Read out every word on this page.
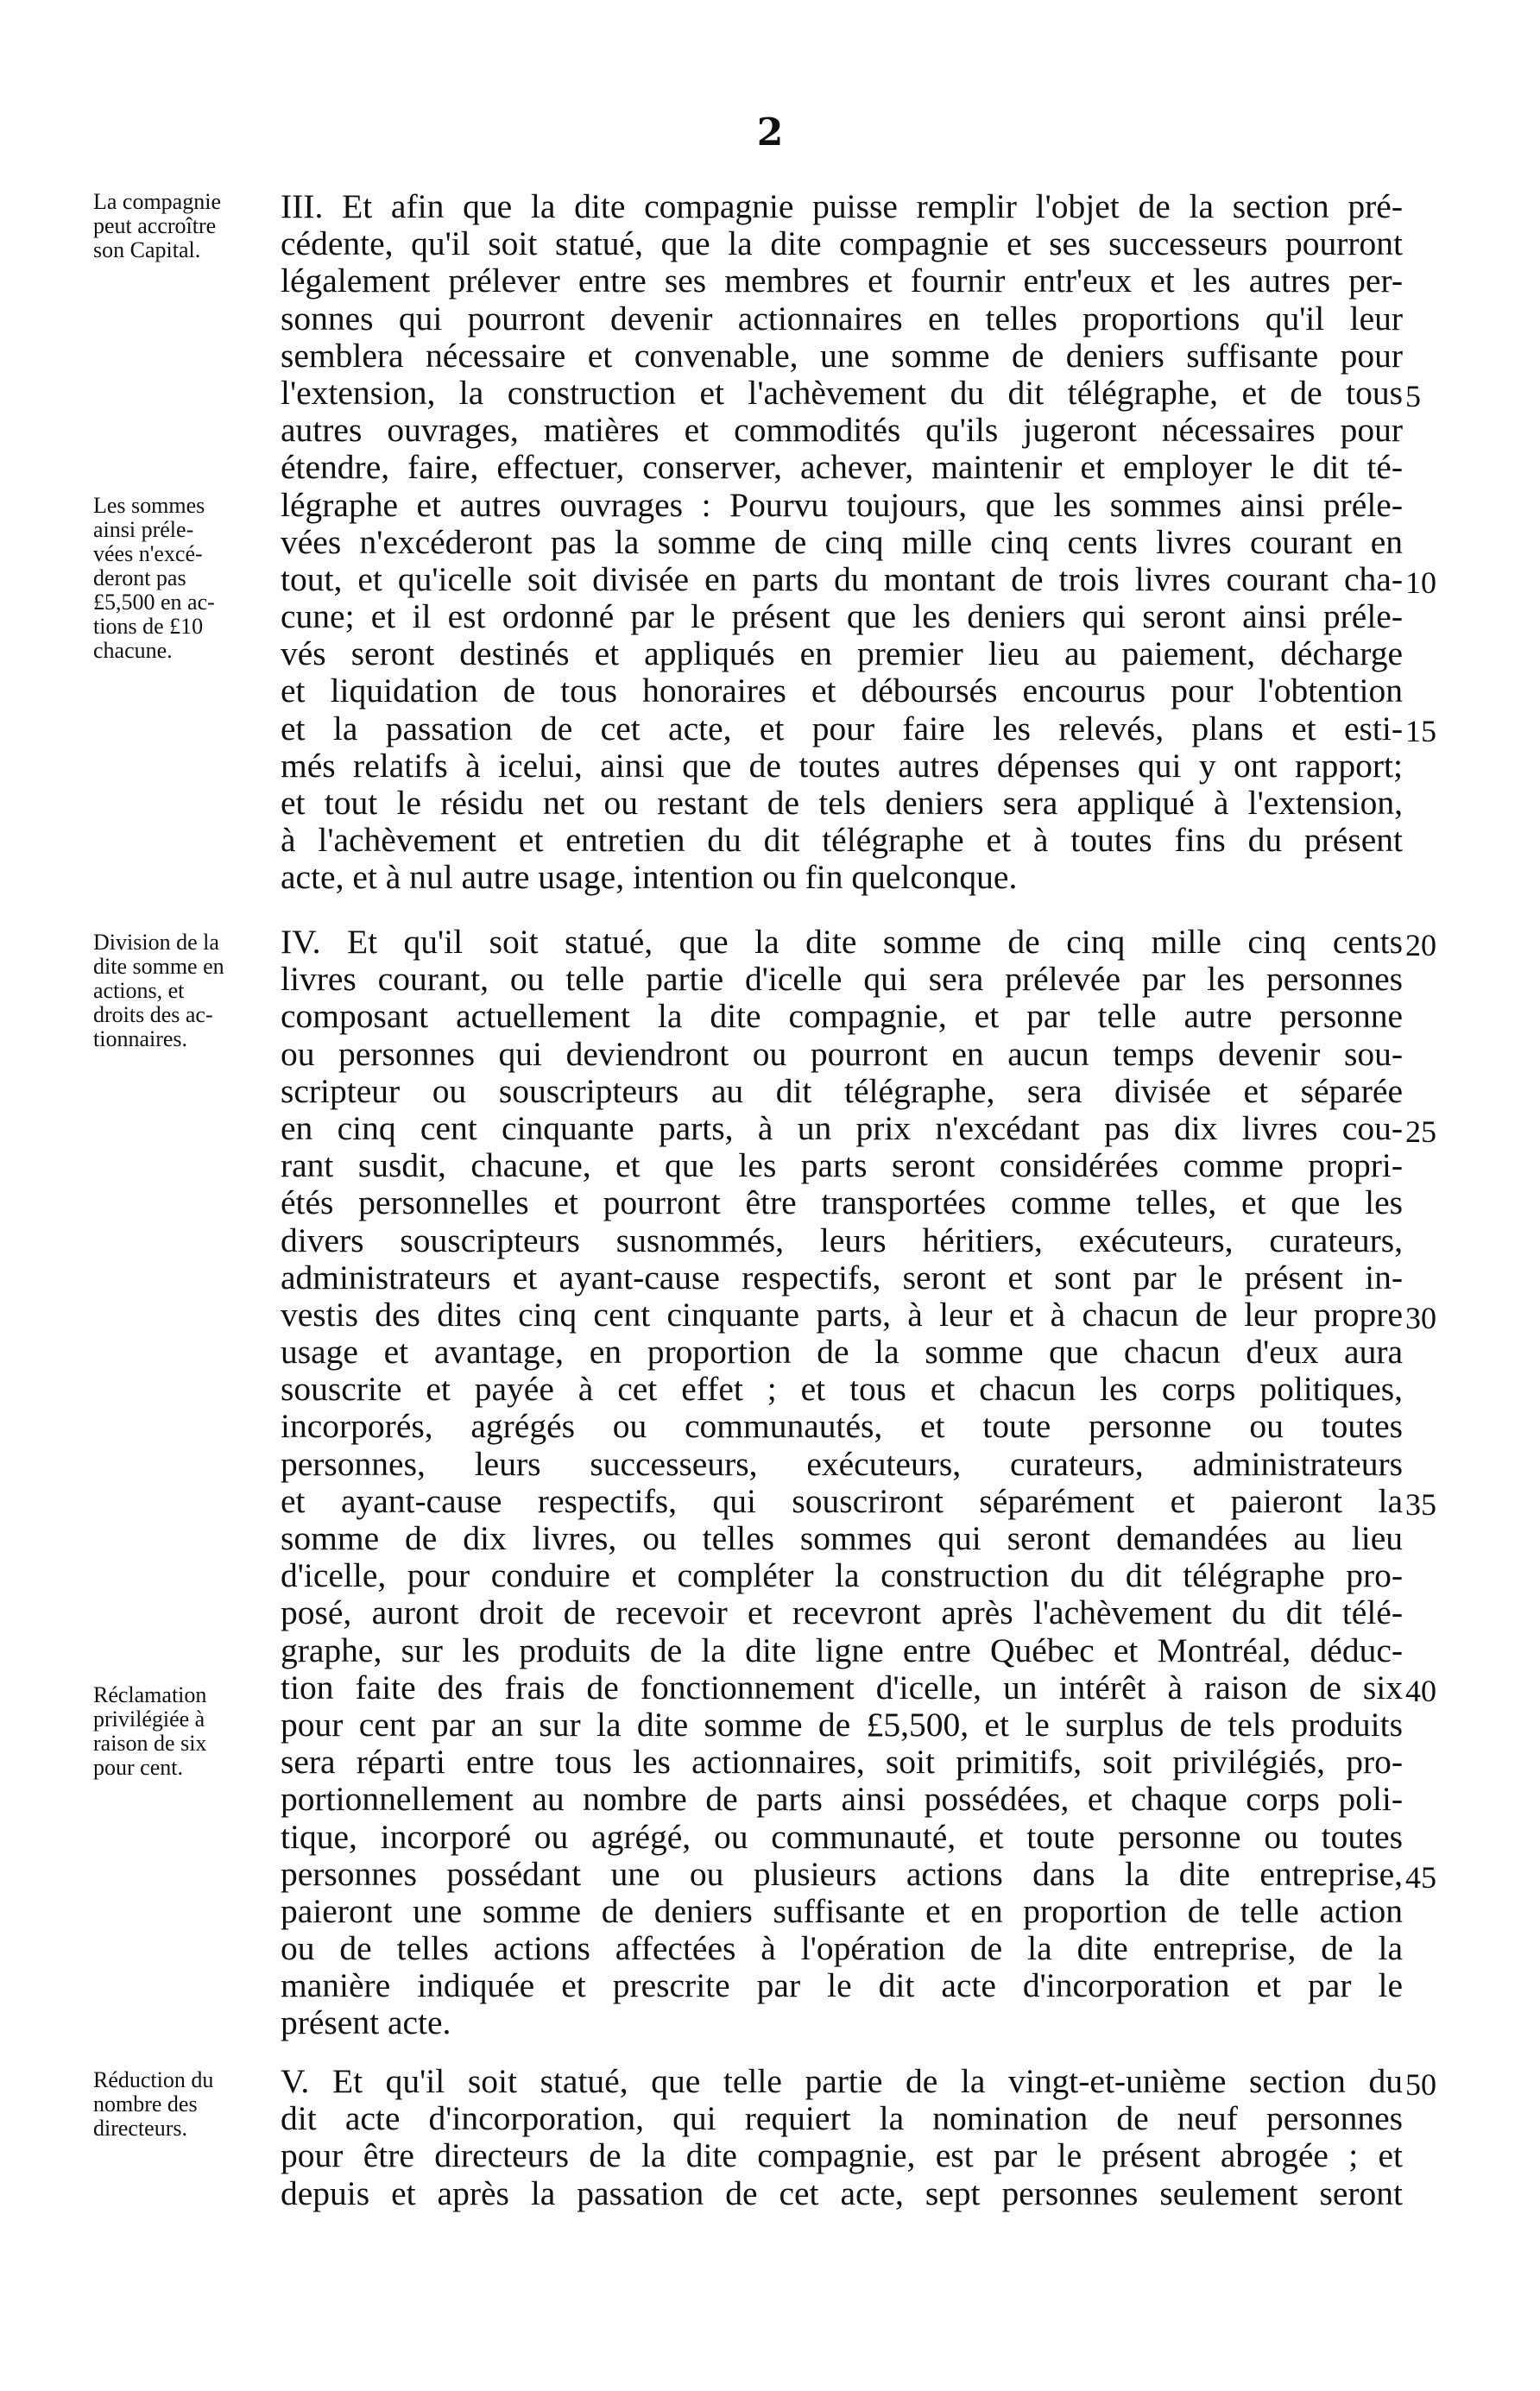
2
La compagnie
peut accroître
son Capital.
Les sommes
ainsi préle-
vées n'excé-
deront pas
£5,500 en ac-
tions de £10
chacune.
III. Et afin que la dite compagnie puisse remplir l'objet de la section pré-
cédente, qu'il soit statué, que la dite compagnie et ses successeurs pourront
légalement prélever entre ses membres et fournir entr'eux et les autres per-
sonnes qui pourront devenir actionnaires en telles proportions qu'il leur
semblera nécessaire et convenable, une somme de deniers suffisante pour
l'extension, la construction et l'achèvement du dit télégraphe, et de tous
autres ouvrages, matières et commodités qu'ils jugeront nécessaires pour
étendre, faire, effectuer, conserver, achever, maintenir et employer le dit té-
légraphe et autres ouvrages : Pourvu toujours, que les sommes ainsi préle-
vées n'excéderont pas la somme de cinq mille cinq cents livres courant en
tout, et qu'icelle soit divisée en parts du montant de trois livres courant cha-
cune; et il est ordonné par le présent que les deniers qui seront ainsi préle-
vés seront destinés et appliqués en premier lieu au paiement, décharge
et liquidation de tous honoraires et déboursés encourus pour l'obtention
et la passation de cet acte, et pour faire les relevés, plans et esti-
més relatifs à icelui, ainsi que de toutes autres dépenses qui y ont rapport;
et tout le résidu net ou restant de tels deniers sera appliqué à l'extension,
à l'achèvement et entretien du dit télégraphe et à toutes fins du présent
acte, et à nul autre usage, intention ou fin quelconque.
Division de la
dite somme en
actions, et
droits des ac-
tionnaires.
Réclamation
privilégiée à
raison de six
pour cent.
IV. Et qu'il soit statué, que la dite somme de cinq mille cinq cents
livres courant, ou telle partie d'icelle qui sera prélevée par les personnes
composant actuellement la dite compagnie, et par telle autre personne
ou personnes qui deviendront ou pourront en aucun temps devenir sou-
scripteur ou souscripteurs au dit télégraphe, sera divisée et séparée
en cinq cent cinquante parts, à un prix n'excédant pas dix livres cou-
rant susdit, chacune, et que les parts seront considérées comme propri-
étés personnelles et pourront être transportées comme telles, et que les
divers souscripteurs susnommés, leurs héritiers, exécuteurs, curateurs,
administrateurs et ayant-cause respectifs, seront et sont par le présent in-
vestis des dites cinq cent cinquante parts, à leur et à chacun de leur propre
usage et avantage, en proportion de la somme que chacun d'eux aura
souscrite et payée à cet effet ; et tous et chacun les corps politiques,
incorporés, agrégés ou communautés, et toute personne ou toutes
personnes, leurs successeurs, exécuteurs, curateurs, administrateurs
et ayant-cause respectifs, qui souscriront séparément et paieront la
somme de dix livres, ou telles sommes qui seront demandées au lieu
d'icelle, pour conduire et compléter la construction du dit télégraphe pro-
posé, auront droit de recevoir et recevront après l'achèvement du dit télé-
graphe, sur les produits de la dite ligne entre Québec et Montréal, déduc-
tion faite des frais de fonctionnement d'icelle, un intérêt à raison de six
pour cent par an sur la dite somme de £5,500, et le surplus de tels produits
sera réparti entre tous les actionnaires, soit primitifs, soit privilégiés, pro-
portionnellement au nombre de parts ainsi possédées, et chaque corps poli-
tique, incorporé ou agrégé, ou communauté, et toute personne ou toutes
personnes possédant une ou plusieurs actions dans la dite entreprise,
paieront une somme de deniers suffisante et en proportion de telle action
ou de telles actions affectées à l'opération de la dite entreprise, de la
manière indiquée et prescrite par le dit acte d'incorporation et par le
présent acte.
Réduction du
nombre des
directeurs.
V. Et qu'il soit statué, que telle partie de la vingt-et-unième section du
dit acte d'incorporation, qui requiert la nomination de neuf personnes
pour être directeurs de la dite compagnie, est par le présent abrogée ; et
depuis et après la passation de cet acte, sept personnes seulement seront
5
10
15
20
25
30
35
40
45
50
